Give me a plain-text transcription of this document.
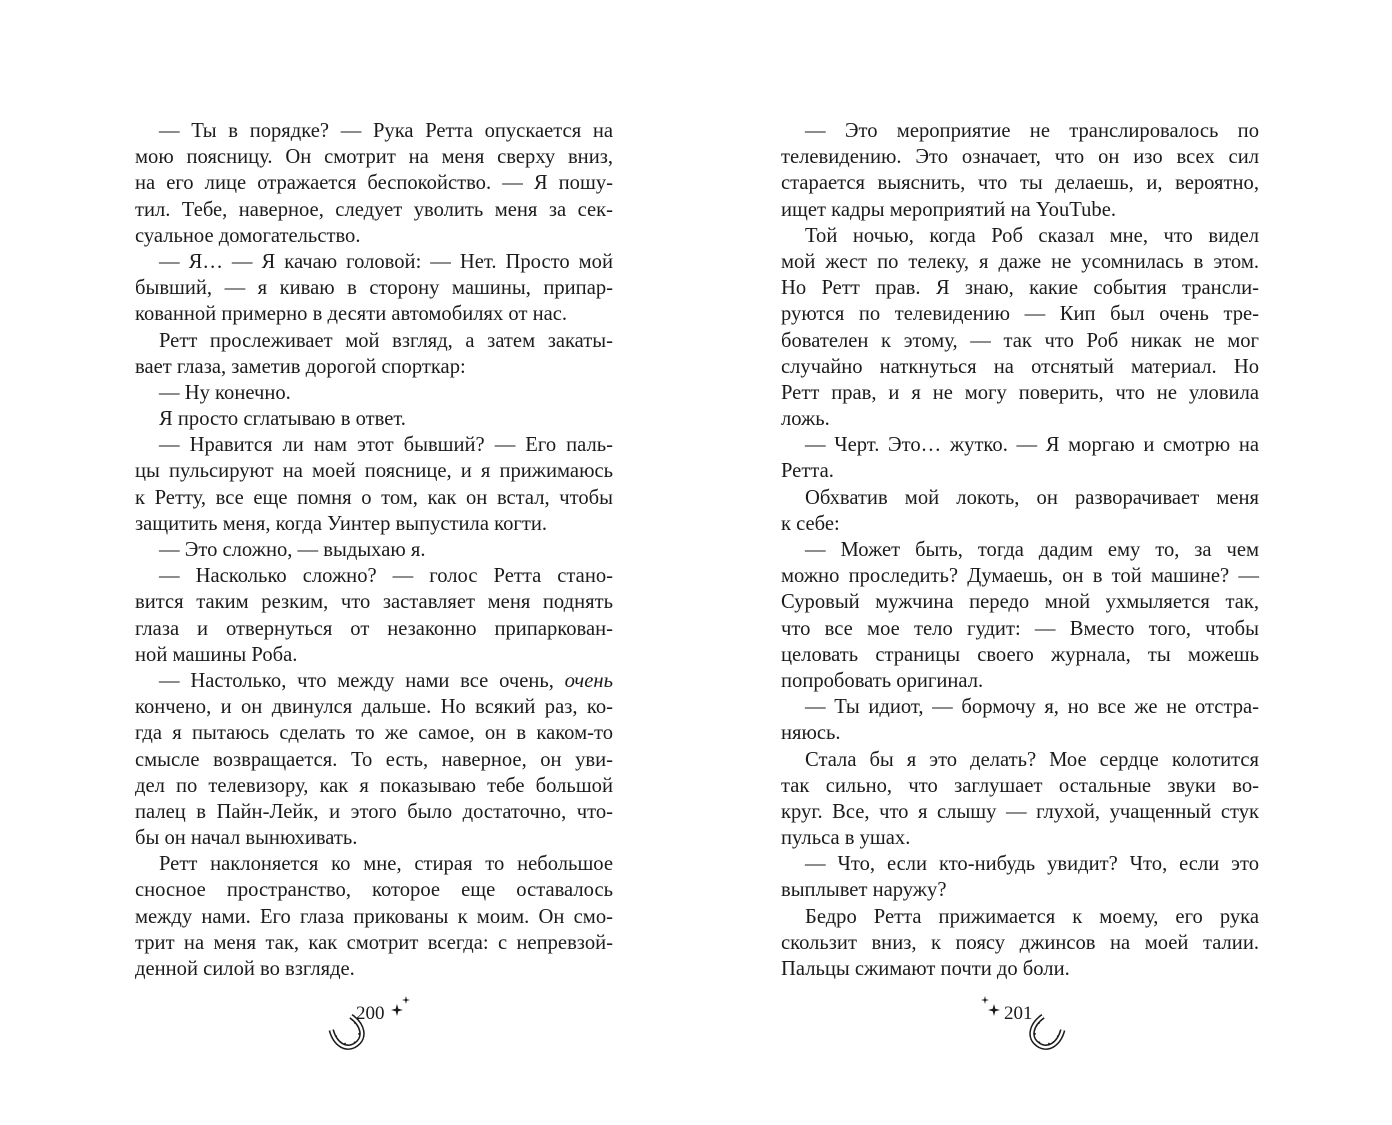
— Ты в порядке? — Рука Ретта опускается на
мою поясницу. Он смотрит на меня сверху вниз,
на его лице отражается беспокойство. — Я пошу-
тил. Тебе, наверное, следует уволить меня за сек-
суальное домогательство.
— Я… — Я качаю головой: — Нет. Просто мой
бывший, — я киваю в сторону машины, припар-
кованной примерно в десяти автомобилях от нас.
Ретт прослеживает мой взгляд, а затем закаты-
вает глаза, заметив дорогой спорткар:
— Ну конечно.
Я просто сглатываю в ответ.
— Нравится ли нам этот бывший? — Его паль-
цы пульсируют на моей пояснице, и я прижимаюсь
к Ретту, все еще помня о том, как он встал, чтобы
защитить меня, когда Уинтер выпустила когти.
— Это сложно, — выдыхаю я.
— Насколько сложно? — голос Ретта стано-
вится таким резким, что заставляет меня поднять
глаза и отвернуться от незаконно припаркован-
ной машины Роба.
— Настолько, что между нами все очень, очень
кончено, и он двинулся дальше. Но всякий раз, ко-
гда я пытаюсь сделать то же самое, он в каком-то
смысле возвращается. То есть, наверное, он уви-
дел по телевизору, как я показываю тебе большой
палец в Пайн-Лейк, и этого было достаточно, что-
бы он начал вынюхивать.
Ретт наклоняется ко мне, стирая то небольшое
сносное пространство, которое еще оставалось
между нами. Его глаза прикованы к моим. Он смо-
трит на меня так, как смотрит всегда: с непревзой-
денной силой во взгляде.
— Это мероприятие не транслировалось по
телевидению. Это означает, что он изо всех сил
старается выяснить, что ты делаешь, и, вероятно,
ищет кадры мероприятий на YouTube.
Той ночью, когда Роб сказал мне, что видел
мой жест по телеку, я даже не усомнилась в этом.
Но Ретт прав. Я знаю, какие события трансли-
руются по телевидению — Кип был очень тре-
бователен к этому, — так что Роб никак не мог
случайно наткнуться на отснятый материал. Но
Ретт прав, и я не могу поверить, что не уловила
ложь.
— Черт. Это… жутко. — Я моргаю и смотрю на
Ретта.
Обхватив мой локоть, он разворачивает меня
к себе:
— Может быть, тогда дадим ему то, за чем
можно проследить? Думаешь, он в той машине? —
Суровый мужчина передо мной ухмыляется так,
что все мое тело гудит: — Вместо того, чтобы
целовать страницы своего журнала, ты можешь
попробовать оригинал.
— Ты идиот, — бормочу я, но все же не отстра-
няюсь.
Стала бы я это делать? Мое сердце колотится
так сильно, что заглушает остальные звуки во-
круг. Все, что я слышу — глухой, учащенный стук
пульса в ушах.
— Что, если кто-нибудь увидит? Что, если это
выплывет наружу?
Бедро Ретта прижимается к моему, его рука
скользит вниз, к поясу джинсов на моей талии.
Пальцы сжимают почти до боли.
200	201
